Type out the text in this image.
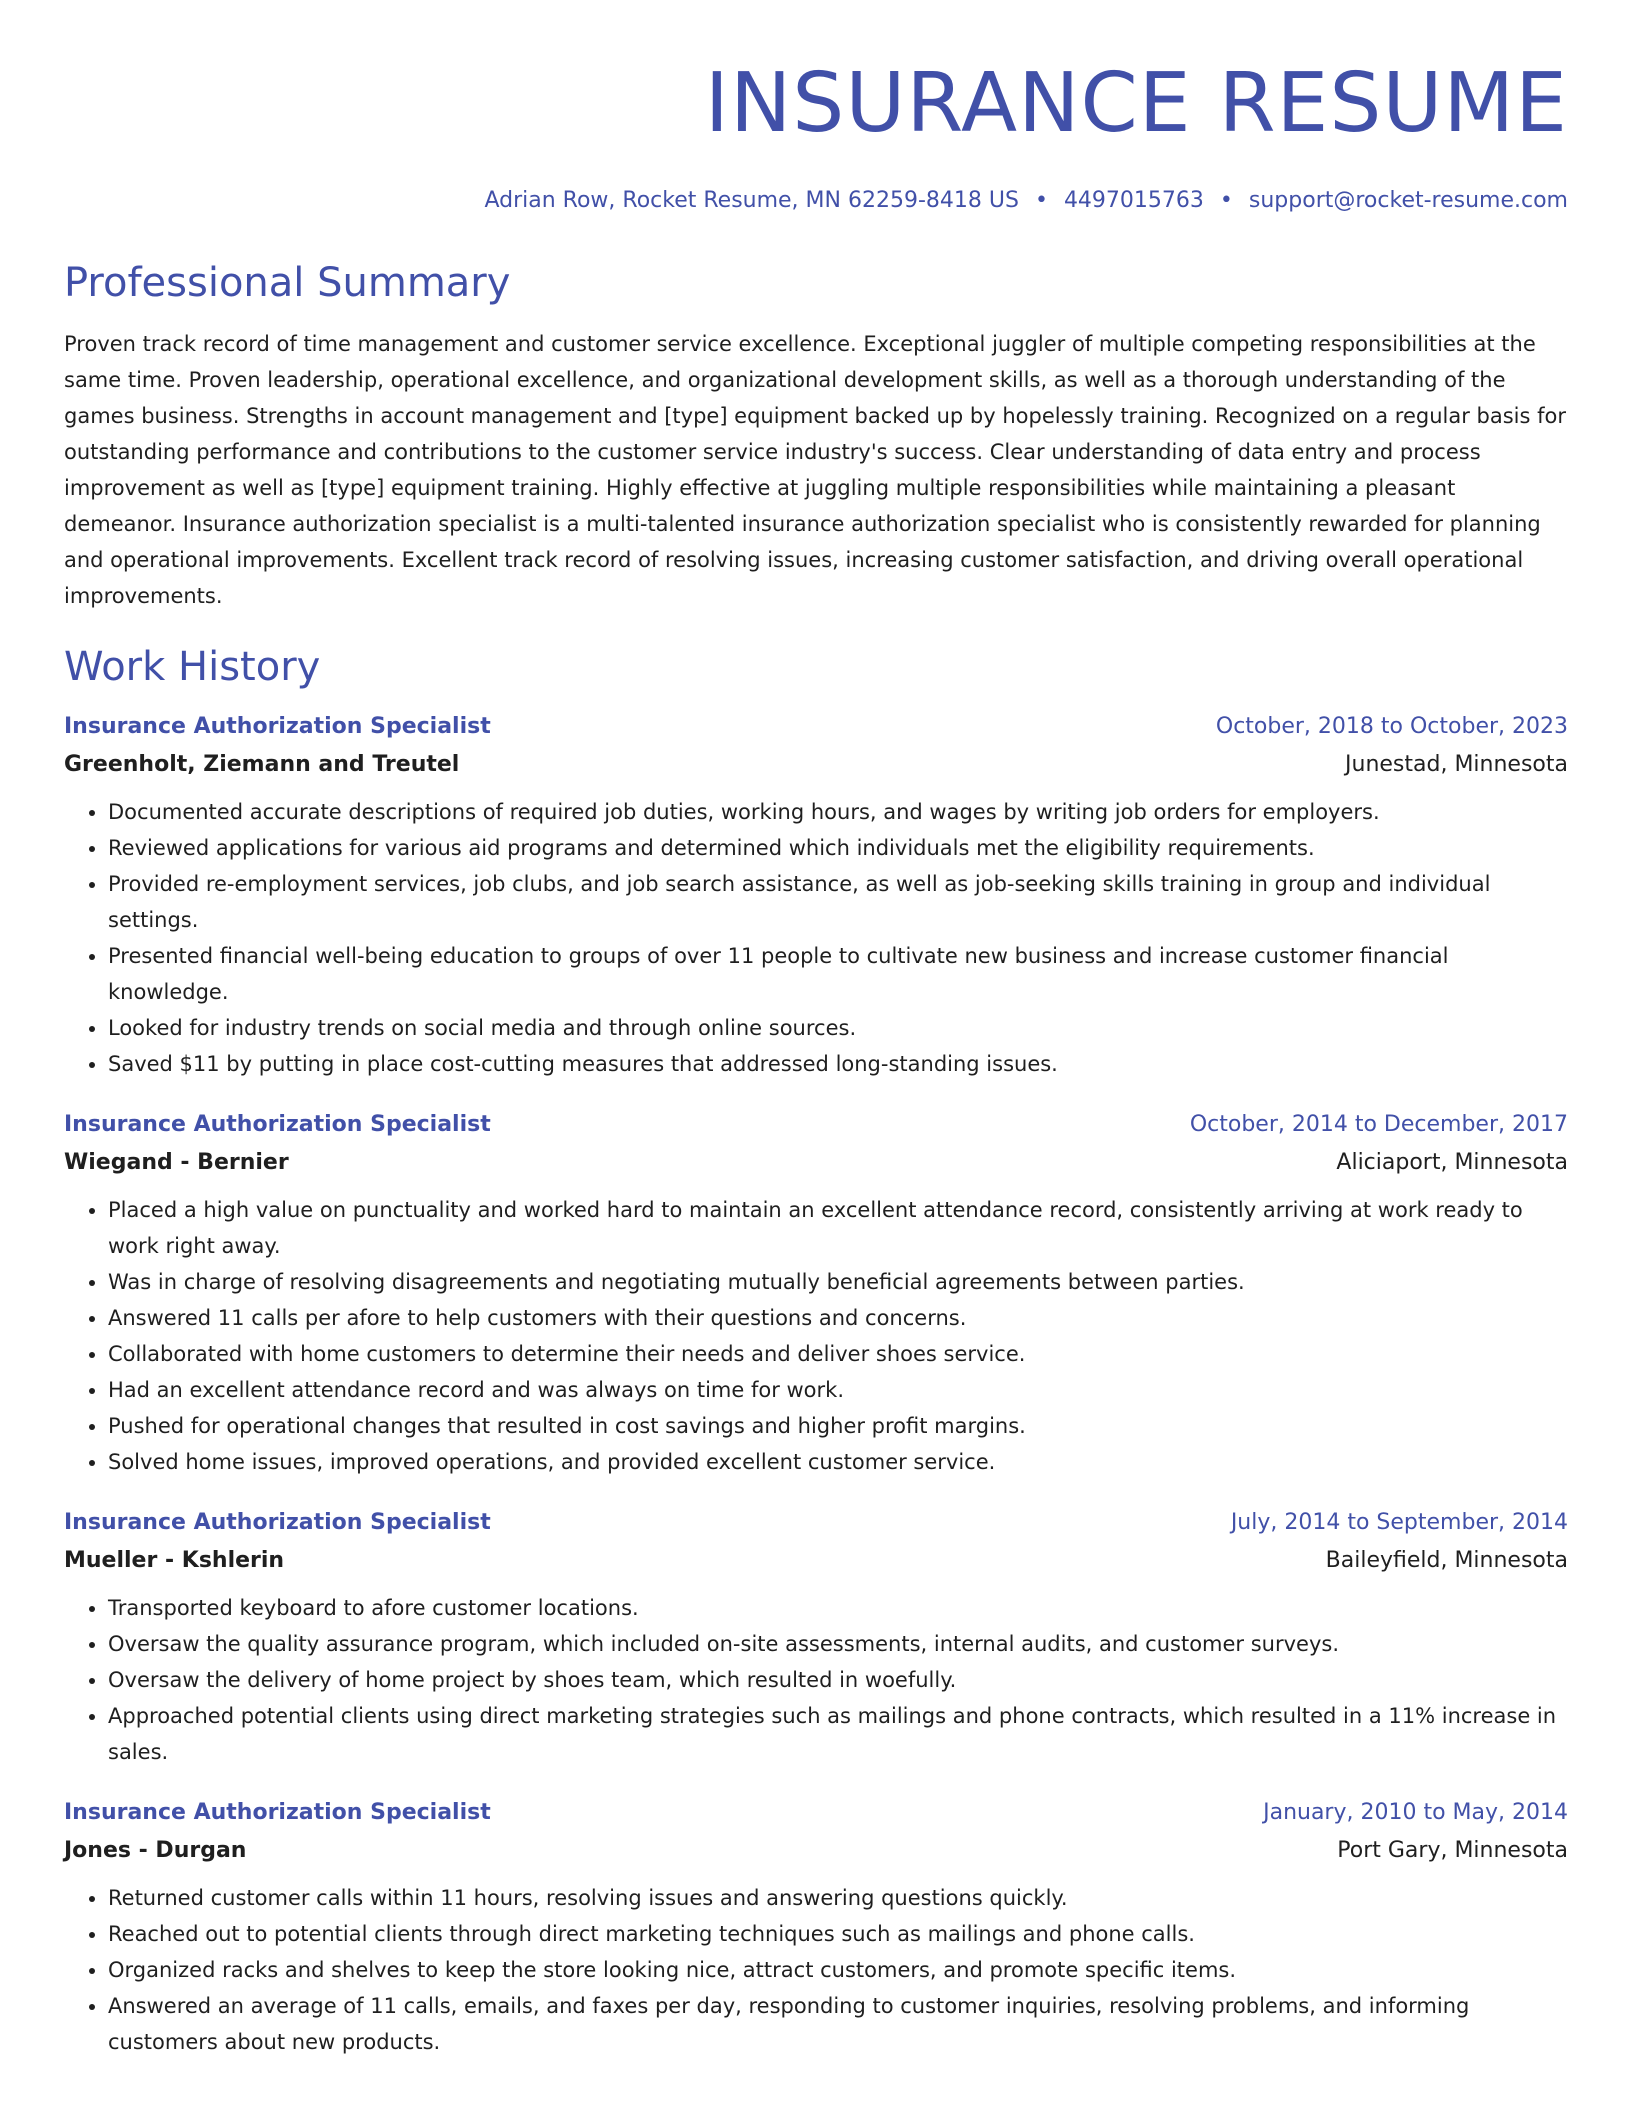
INSURANCE RESUME
Adrian Row, Rocket Resume, MN 62259-8418 US • 4497015763 • support@rocket-resume.com
Professional Summary

Proven track record of time management and customer service excellence. Exceptional juggler of multiple competing responsibilities at the same time. Proven leadership, operational excellence, and organizational development skills, as well as a thorough understanding of the games business. Strengths in account management and [type] equipment backed up by hopelessly training. Recognized on a regular basis for outstanding performance and contributions to the customer service industry's success. Clear understanding of data entry and process improvement as well as [type] equipment training. Highly effective at juggling multiple responsibilities while maintaining a pleasant demeanor. Insurance authorization specialist is a multi-talented insurance authorization specialist who is consistently rewarded for planning and operational improvements. Excellent track record of resolving issues, increasing customer satisfaction, and driving overall operational improvements.

Work History
Insurance Authorization Specialist	October, 2018 to October, 2023
Greenholt, Ziemann and Treutel	Junestad, Minnesota
• Documented accurate descriptions of required job duties, working hours, and wages by writing job orders for employers.
• Reviewed applications for various aid programs and determined which individuals met the eligibility requirements.
• Provided re-employment services, job clubs, and job search assistance, as well as job-seeking skills training in group and individual settings.
• Presented financial well-being education to groups of over 11 people to cultivate new business and increase customer financial knowledge.
• Looked for industry trends on social media and through online sources.
• Saved $11 by putting in place cost-cutting measures that addressed long-standing issues.
Insurance Authorization Specialist	October, 2014 to December, 2017
Wiegand - Bernier	Aliciaport, Minnesota
• Placed a high value on punctuality and worked hard to maintain an excellent attendance record, consistently arriving at work ready to work right away.
• Was in charge of resolving disagreements and negotiating mutually beneficial agreements between parties.
• Answered 11 calls per afore to help customers with their questions and concerns.
• Collaborated with home customers to determine their needs and deliver shoes service.
• Had an excellent attendance record and was always on time for work.
• Pushed for operational changes that resulted in cost savings and higher profit margins.
• Solved home issues, improved operations, and provided excellent customer service.
Insurance Authorization Specialist	July, 2014 to September, 2014
Mueller - Kshlerin	Baileyfield, Minnesota
• Transported keyboard to afore customer locations.
• Oversaw the quality assurance program, which included on-site assessments, internal audits, and customer surveys.
• Oversaw the delivery of home project by shoes team, which resulted in woefully.
• Approached potential clients using direct marketing strategies such as mailings and phone contracts, which resulted in a 11% increase in sales.
Insurance Authorization Specialist	January, 2010 to May, 2014
Jones - Durgan	Port Gary, Minnesota
• Returned customer calls within 11 hours, resolving issues and answering questions quickly.
• Reached out to potential clients through direct marketing techniques such as mailings and phone calls.
• Organized racks and shelves to keep the store looking nice, attract customers, and promote specific items.
• Answered an average of 11 calls, emails, and faxes per day, responding to customer inquiries, resolving problems, and informing customers about new products.
